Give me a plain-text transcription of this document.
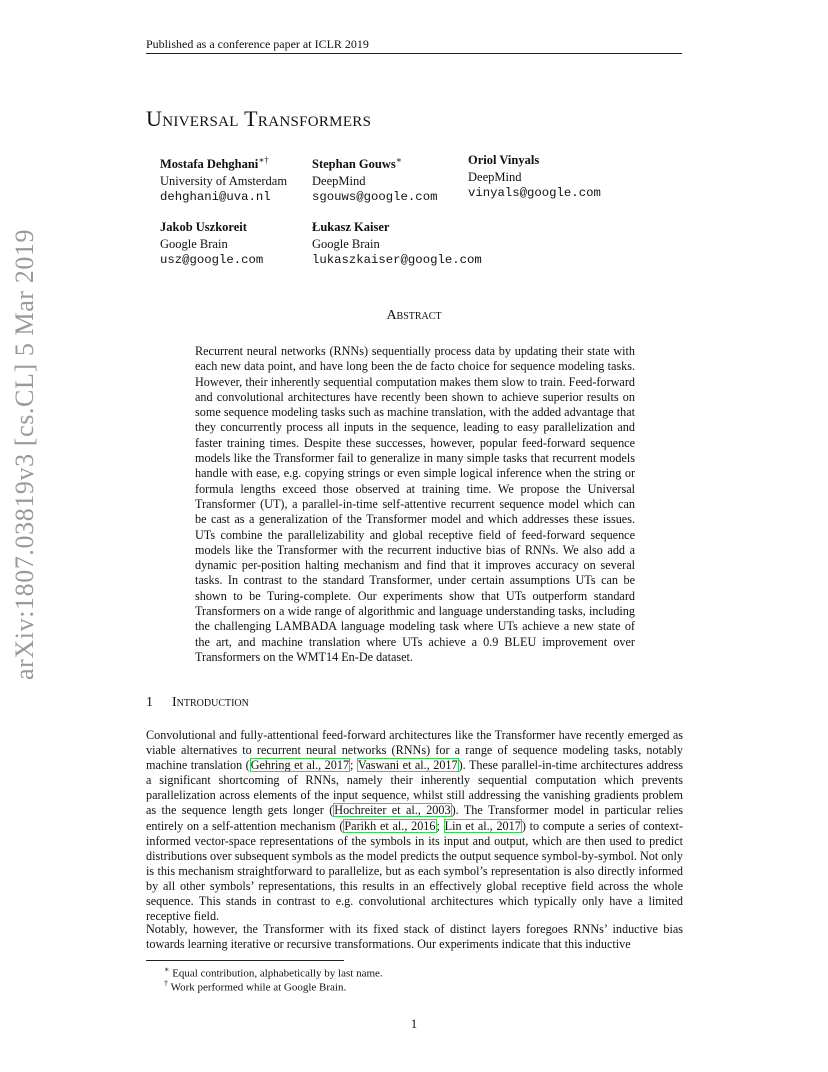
arXiv:1807.03819v3 [cs.CL] 5 Mar 2019
Published as a conference paper at ICLR 2019
Universal Transformers
Mostafa Dehghani∗†
University of Amsterdam
dehghani@uva.nl
Stephan Gouws∗
DeepMind
sgouws@google.com
Oriol Vinyals
DeepMind
vinyals@google.com
Jakob Uszkoreit
Google Brain
usz@google.com
Łukasz Kaiser
Google Brain
lukaszkaiser@google.com
Abstract
Recurrent neural networks (RNNs) sequentially process data by updating their state with each new data point, and have long been the de facto choice for sequence modeling tasks. However, their inherently sequential computation makes them slow to train. Feed-forward and convolutional architectures have recently been shown to achieve superior results on some sequence modeling tasks such as machine translation, with the added advantage that they concurrently process all inputs in the sequence, leading to easy parallelization and faster training times. Despite these successes, however, popular feed-forward sequence models like the Transformer fail to generalize in many simple tasks that recurrent models handle with ease, e.g. copying strings or even simple logical inference when the string or formula lengths exceed those observed at training time. We propose the Universal Transformer (UT), a parallel-in-time self-attentive recurrent sequence model which can be cast as a generalization of the Transformer model and which addresses these issues. UTs combine the parallelizability and global receptive field of feed-forward sequence models like the Transformer with the recurrent inductive bias of RNNs. We also add a dynamic per-position halting mechanism and find that it improves accuracy on several tasks. In contrast to the standard Transformer, under certain assumptions UTs can be shown to be Turing-complete. Our experiments show that UTs outperform standard Transformers on a wide range of algorithmic and language understanding tasks, including the challenging LAMBADA language modeling task where UTs achieve a new state of the art, and machine translation where UTs achieve a 0.9 BLEU improvement over Transformers on the WMT14 En-De dataset.
1 Introduction
Convolutional and fully-attentional feed-forward architectures like the Transformer have recently emerged as viable alternatives to recurrent neural networks (RNNs) for a range of sequence modeling tasks, notably machine translation (Gehring et al., 2017; Vaswani et al., 2017). These parallel-in-time architectures address a significant shortcoming of RNNs, namely their inherently sequential computation which prevents parallelization across elements of the input sequence, whilst still addressing the vanishing gradients problem as the sequence length gets longer (Hochreiter et al., 2003). The Transformer model in particular relies entirely on a self-attention mechanism (Parikh et al., 2016; Lin et al., 2017) to compute a series of context-informed vector-space representations of the symbols in its input and output, which are then used to predict distributions over subsequent symbols as the model predicts the output sequence symbol-by-symbol. Not only is this mechanism straightforward to parallelize, but as each symbol’s representation is also directly informed by all other symbols’ representations, this results in an effectively global receptive field across the whole sequence. This stands in contrast to e.g. convolutional architectures which typically only have a limited receptive field.
Notably, however, the Transformer with its fixed stack of distinct layers foregoes RNNs’ inductive bias towards learning iterative or recursive transformations. Our experiments indicate that this inductive
∗ Equal contribution, alphabetically by last name.
† Work performed while at Google Brain.
1
